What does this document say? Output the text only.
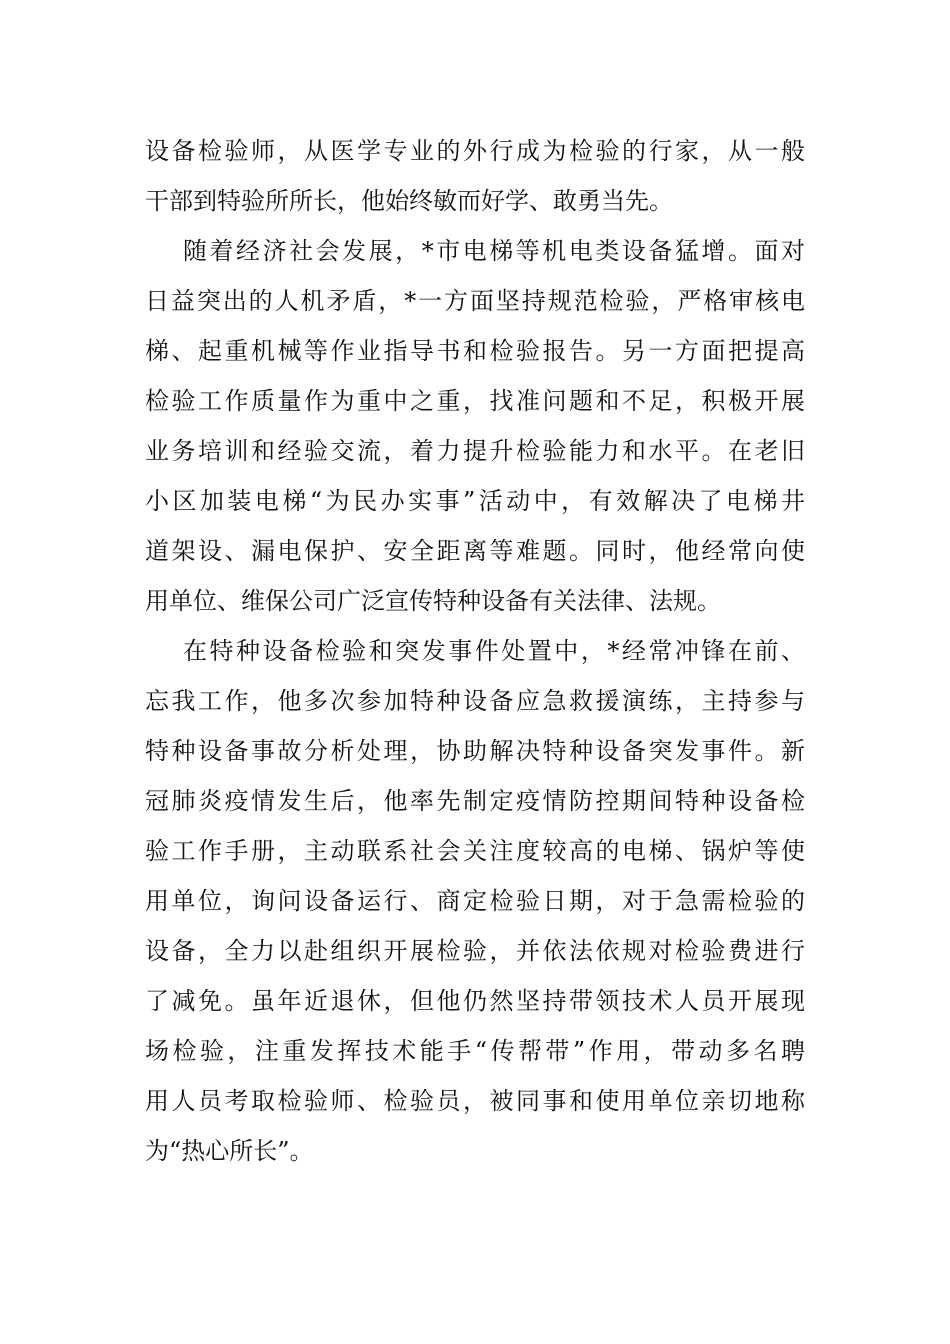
设备检验师，从医学专业的外行成为检验的行家，从一般
干部到特验所所长，他始终敏而好学、敢勇当先。
随着经济社会发展，*市电梯等机电类设备猛增。面对
日益突出的人机矛盾，*一方面坚持规范检验，严格审核电
梯、起重机械等作业指导书和检验报告。另一方面把提高
检验工作质量作为重中之重，找准问题和不足，积极开展
业务培训和经验交流，着力提升检验能力和水平。在老旧
小区加装电梯“为民办实事”活动中，有效解决了电梯井
道架设、漏电保护、安全距离等难题。同时，他经常向使
用单位、维保公司广泛宣传特种设备有关法律、法规。
在特种设备检验和突发事件处置中，*经常冲锋在前、
忘我工作，他多次参加特种设备应急救援演练，主持参与
特种设备事故分析处理，协助解决特种设备突发事件。新
冠肺炎疫情发生后，他率先制定疫情防控期间特种设备检
验工作手册，主动联系社会关注度较高的电梯、锅炉等使
用单位，询问设备运行、商定检验日期，对于急需检验的
设备，全力以赴组织开展检验，并依法依规对检验费进行
了减免。虽年近退休，但他仍然坚持带领技术人员开展现
场检验，注重发挥技术能手“传帮带”作用，带动多名聘
用人员考取检验师、检验员，被同事和使用单位亲切地称
为“热心所长”。
